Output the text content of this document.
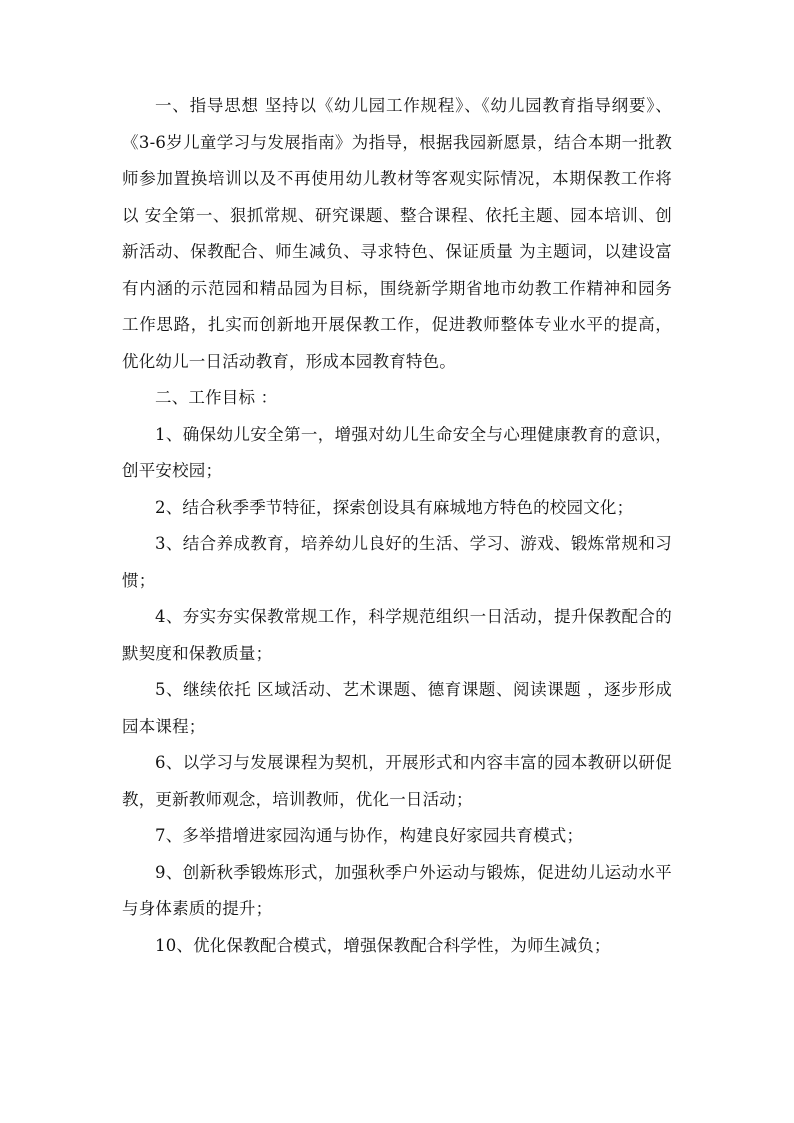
一、指导思想 坚持以《幼儿园工作规程》、《幼儿园教育指导纲要》、《3-6岁儿童学习与发展指南》为指导，根据我园新愿景，结合本期一批教师参加置换培训以及不再使用幼儿教材等客观实际情况，本期保教工作将以 安全第一、狠抓常规、研究课题、整合课程、依托主题、园本培训、创新活动、保教配合、师生减负、寻求特色、保证质量 为主题词，以建设富有内涵的示范园和精品园为目标，围绕新学期省地市幼教工作精神和园务工作思路，扎实而创新地开展保教工作，促进教师整体专业水平的提高，优化幼儿一日活动教育，形成本园教育特色。

二、工作目标 ：

1、确保幼儿安全第一，增强对幼儿生命安全与心理健康教育的意识，创平安校园；

2、结合秋季季节特征，探索创设具有麻城地方特色的校园文化；

3、结合养成教育，培养幼儿良好的生活、学习、游戏、锻炼常规和习惯；

4、夯实夯实保教常规工作，科学规范组织一日活动，提升保教配合的默契度和保教质量；

5、继续依托 区域活动、艺术课题、德育课题、阅读课题 ，逐步形成园本课程；

6、以学习与发展课程为契机，开展形式和内容丰富的园本教研以研促教，更新教师观念，培训教师，优化一日活动；

7、多举措增进家园沟通与协作，构建良好家园共育模式；

9、创新秋季锻炼形式，加强秋季户外运动与锻炼，促进幼儿运动水平与身体素质的提升；

10、优化保教配合模式，增强保教配合科学性，为师生减负；
